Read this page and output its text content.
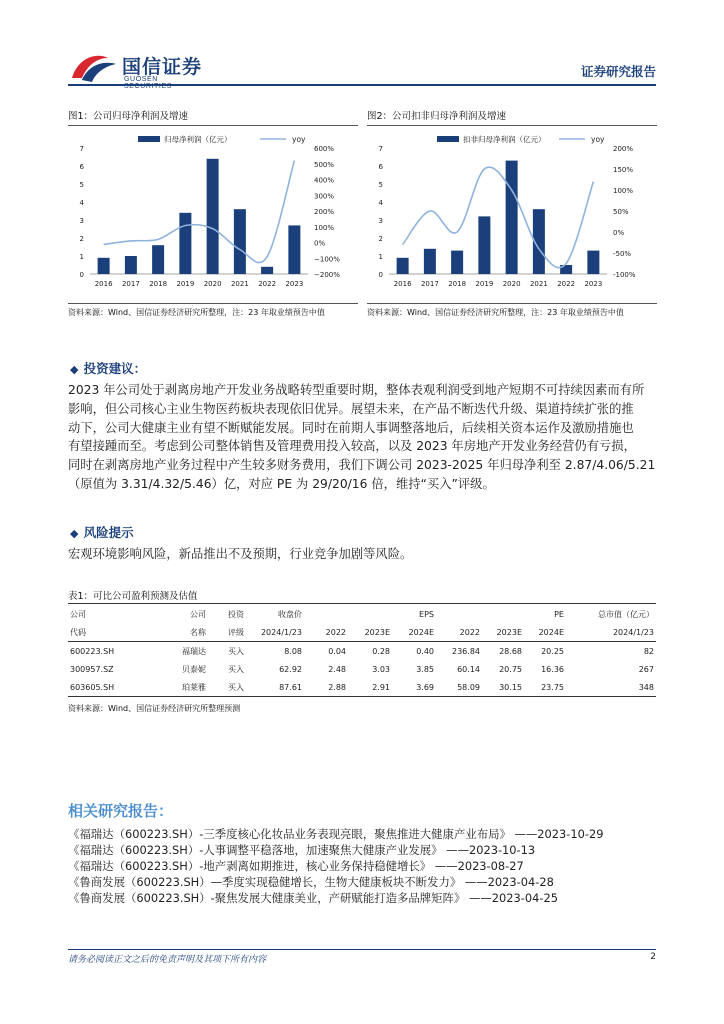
国信证券
GUOSEN SECURITIES
证券研究报告
图1：公司归母净利润及增速
归母净利润（亿元）	yoy
0
1
2
3
4
5
6
7
−200%
−100%
0%
100%
200%
300%
400%
500%
600%
2016 2017 2018 2019 2020 2021 2022 2023
资料来源：Wind、国信证券经济研究所整理，注：23 年取业绩预告中值
图2：公司扣非归母净利润及增速
扣非归母净利润（亿元）	yoy
0
1
2
3
4
5
6
7
-100%
-50%
0%
50%
100%
150%
200%
2016 2017 2018 2019 2020 2021 2022 2023
资料来源：Wind、国信证券经济研究所整理，注：23 年取业绩预告中值
◆ 投资建议：
2023 年公司处于剥离房地产开发业务战略转型重要时期，整体表观利润受到地产短期不可持续因素而有所
影响，但公司核心主业生物医药板块表现依旧优异。展望未来，在产品不断迭代升级、渠道持续扩张的推
动下，公司大健康主业有望不断赋能发展。同时在前期人事调整落地后，后续相关资本运作及激励措施也
有望接踵而至。考虑到公司整体销售及管理费用投入较高，以及 2023 年房地产开发业务经营仍有亏损，
同时在剥离房地产业务过程中产生较多财务费用，我们下调公司 2023-2025 年归母净利至 2.87/4.06/5.21
（原值为 3.31/4.32/5.46）亿，对应 PE 为 29/20/16 倍，维持“买入”评级。
◆ 风险提示
宏观环境影响风险，新品推出不及预期，行业竞争加剧等风险。
表1：可比公司盈利预测及估值
公司	公司	投资	收盘价	EPS			PE			总市值（亿元）
代码	名称	评级	2024/1/23	2022	2023E	2024E	2022	2023E	2024E	2024/1/23
600223.SH	福瑞达	买入	8.08	0.04	0.28	0.40	236.84	28.68	20.25	82
300957.SZ	贝泰妮	买入	62.92	2.48	3.03	3.85	60.14	20.75	16.36	267
603605.SH	珀莱雅	买入	87.61	2.88	2.91	3.69	58.09	30.15	23.75	348
资料来源：Wind、国信证券经济研究所整理预测
相关研究报告：
《福瑞达（600223.SH）-三季度核心化妆品业务表现亮眼，聚焦推进大健康产业布局》 ——2023-10-29
《福瑞达（600223.SH）-人事调整平稳落地，加速聚焦大健康产业发展》 ——2023-10-13
《福瑞达（600223.SH）-地产剥离如期推进，核心业务保持稳健增长》 ——2023-08-27
《鲁商发展（600223.SH）—季度实现稳健增长，生物大健康板块不断发力》 ——2023-04-28
《鲁商发展（600223.SH）-聚焦发展大健康美业，产研赋能打造多品牌矩阵》 ——2023-04-25
请务必阅读正文之后的免责声明及其项下所有内容	2
